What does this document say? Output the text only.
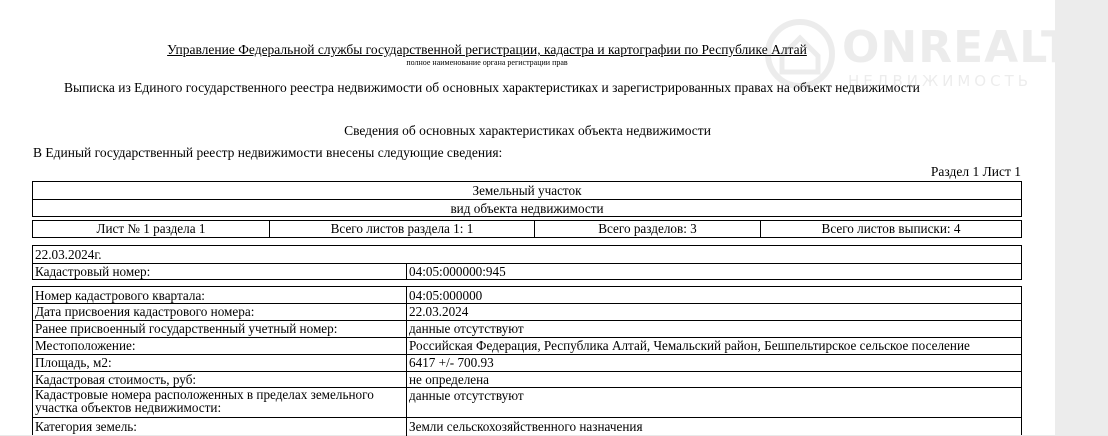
Управление Федеральной службы государственной регистрации, кадастра и картографии по Республике Алтай
полное наименование органа регистрации прав
Выписка из Единого государственного реестра недвижимости об основных характеристиках и зарегистрированных правах на объект недвижимости
Сведения об основных характеристиках объекта недвижимости
В Единый государственный реестр недвижимости внесены следующие сведения:
Раздел 1 Лист 1
Земельный участок
вид объекта недвижимости
Лист № 1 раздела 1	Всего листов раздела 1: 1	Всего разделов: 3	Всего листов выписки: 4
22.03.2024г.
Кадастровый номер:	04:05:000000:945
Номер кадастрового квартала:	04:05:000000
Дата присвоения кадастрового номера:	22.03.2024
Ранее присвоенный государственный учетный номер:	данные отсутствуют
Местоположение:	Российская Федерация, Республика Алтай, Чемальский район, Бешпельтирское сельское поселение
Площадь, м2:	6417 +/- 700.93
Кадастровая стоимость, руб:	не определена
Кадастровые номера расположенных в пределах земельного
участка объектов недвижимости:
данные отсутствуют
Категория земель:	Земли сельскохозяйственного назначения
ONREALT
НЕДВИЖИМОСТЬ
